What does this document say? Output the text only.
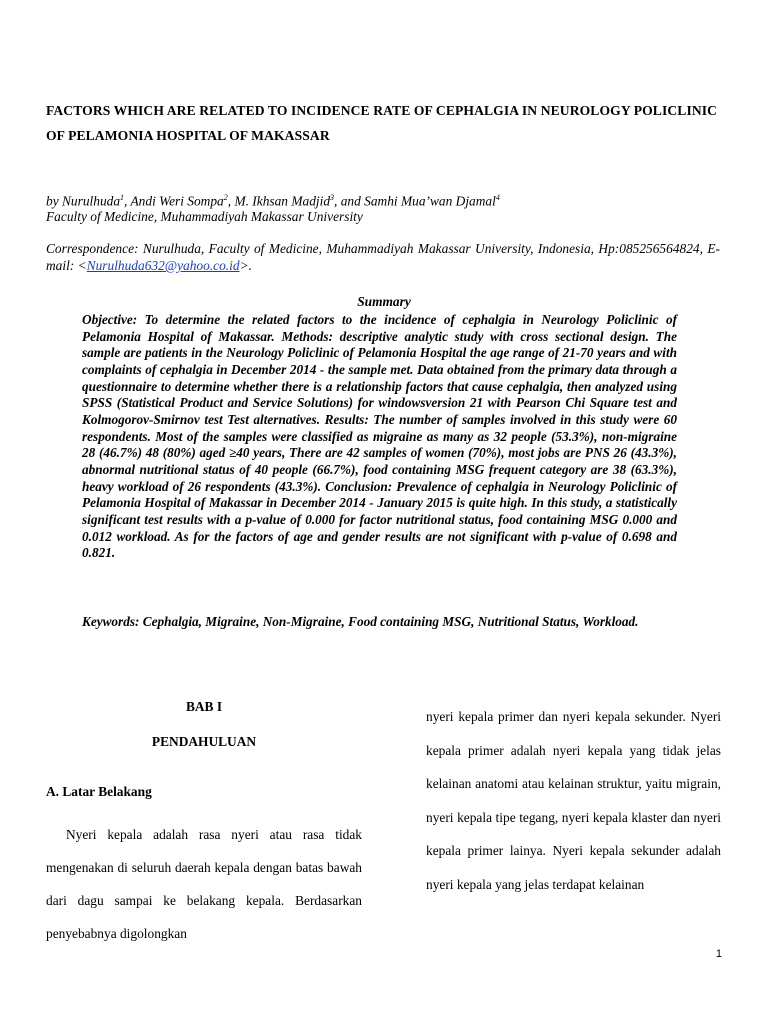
FACTORS WHICH ARE RELATED TO INCIDENCE RATE OF CEPHALGIA IN NEUROLOGY POLICLINIC OF PELAMONIA HOSPITAL OF MAKASSAR
by Nurulhuda$^1$, Andi Weri Sompa$^2$, M. Ikhsan Madjid$^3$, and Samhi Mua’wan Djamal$^4$
Faculty of Medicine, Muhammadiyah Makassar University
Correspondence: Nurulhuda, Faculty of Medicine, Muhammadiyah Makassar University, Indonesia, Hp:085256564824, E-mail: <Nurulhuda632@yahoo.co.id>.
Summary
Objective: To determine the related factors to the incidence of cephalgia in Neurology Policlinic of Pelamonia Hospital of Makassar. Methods: descriptive analytic study with cross sectional design. The sample are patients in the Neurology Policlinic of Pelamonia Hospital the age range of 21-70 years and with complaints of cephalgia in December 2014 - the sample met. Data obtained from the primary data through a questionnaire to determine whether there is a relationship factors that cause cephalgia, then analyzed using SPSS (Statistical Product and Service Solutions) for windowsversion 21 with Pearson Chi Square test and Kolmogorov-Smirnov test Test alternatives. Results: The number of samples involved in this study were 60 respondents. Most of the samples were classified as migraine as many as 32 people (53.3%), non-migraine 28 (46.7%) 48 (80%) aged ≥40 years, There are 42 samples of women (70%), most jobs are PNS 26 (43.3%), abnormal nutritional status of 40 people (66.7%), food containing MSG frequent category are 38 (63.3%), heavy workload of 26 respondents (43.3%). Conclusion: Prevalence of cephalgia in Neurology Policlinic of Pelamonia Hospital of Makassar in December 2014 - January 2015 is quite high. In this study, a statistically significant test results with a p-value of 0.000 for factor nutritional status, food containing MSG 0.000 and 0.012 workload. As for the factors of age and gender results are not significant with p-value of 0.698 and 0.821.
Keywords: Cephalgia, Migraine, Non-Migraine, Food containing MSG, Nutritional Status, Workload.
BAB I
PENDAHULUAN
A. Latar Belakang
Nyeri kepala adalah rasa nyeri atau rasa tidak mengenakan di seluruh daerah kepala dengan batas bawah dari dagu sampai ke belakang kepala. Berdasarkan penyebabnya digolongkan
nyeri kepala primer dan nyeri kepala sekunder. Nyeri kepala primer adalah nyeri kepala yang tidak jelas kelainan anatomi atau kelainan struktur, yaitu migrain, nyeri kepala tipe tegang, nyeri kepala klaster dan nyeri kepala primer lainya. Nyeri kepala sekunder adalah nyeri kepala yang jelas terdapat kelainan
1
